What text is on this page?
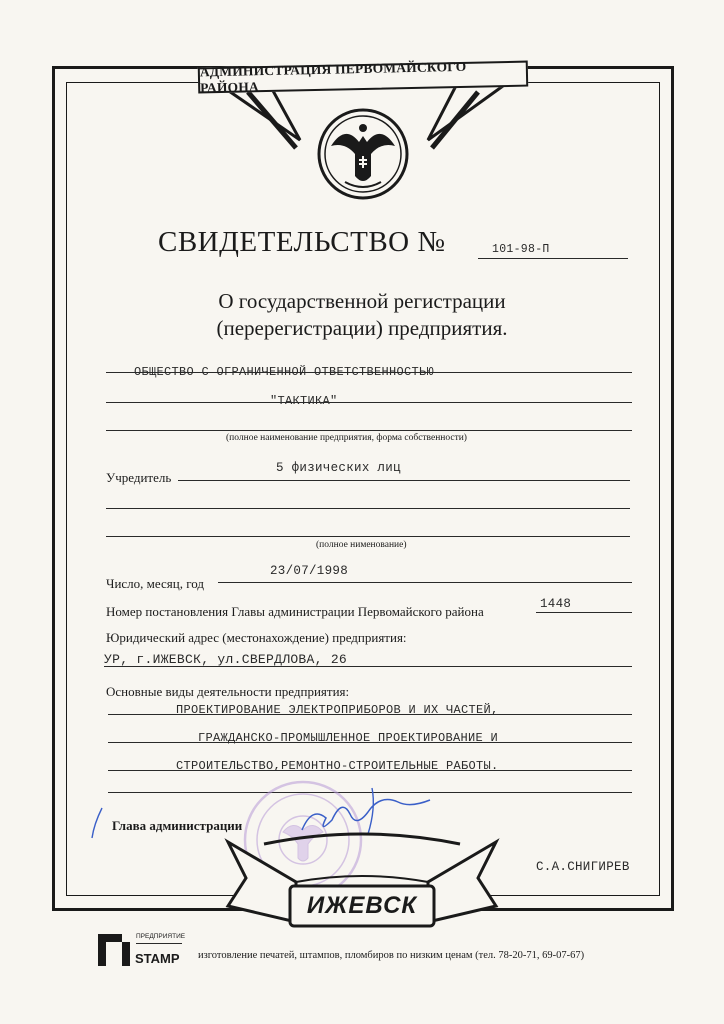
АДМИНИСТРАЦИЯ ПЕРВОМАЙСКОГО РАЙОНА
СВИДЕТЕЛЬСТВО №	101-98-П
О государственной регистрации
(перерегистрации) предприятия.
ОБЩЕСТВО С ОГРАНИЧЕННОЙ ОТВЕТСТВЕННОСТЬЮ
"ТАКТИКА"
(полное наименование предприятия, форма собственности)
Учредитель
5 физических лиц
(полное нименование)
Число, месяц, год
23/07/1998
Номер постановления Главы администрации Первомайского района	1448
Юридический адрес (местонахождение) предприятия:
УР, г.ИЖЕВСК, ул.СВЕРДЛОВА, 26
Основные виды деятельности предприятия:
ПРОЕКТИРОВАНИЕ ЭЛЕКТРОПРИБОРОВ И ИХ ЧАСТЕЙ,
ГРАЖДАНСКО-ПРОМЫШЛЕННОЕ ПРОЕКТИРОВАНИЕ И
СТРОИТЕЛЬСТВО,РЕМОНТНО-СТРОИТЕЛЬНЫЕ РАБОТЫ.
Глава администрации
С.А.СНИГИРЕВ
ИЖЕВСК
ПРЕДПРИЯТИЕ
STAMP изготовление печатей, штампов, пломбиров по низким ценам (тел. 78-20-71, 69-07-67)
